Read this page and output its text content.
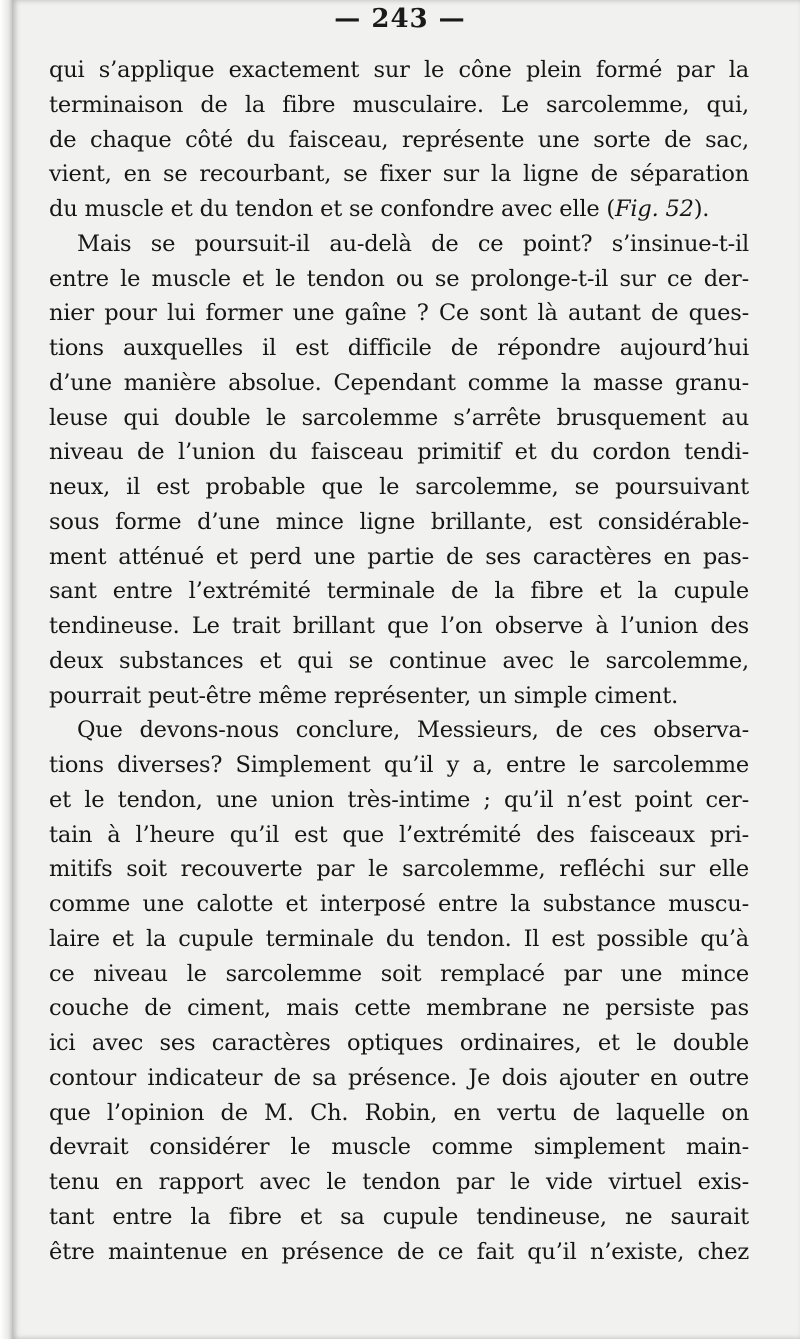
— 243 —
qui s’applique exactement sur le cône plein formé par la
terminaison de la fibre musculaire. Le sarcolemme, qui,
de chaque côté du faisceau, représente une sorte de sac,
vient, en se recourbant, se fixer sur la ligne de séparation
du muscle et du tendon et se confondre avec elle (Fig. 52).
Mais se poursuit-il au-delà de ce point? s’insinue-t-il
entre le muscle et le tendon ou se prolonge-t-il sur ce der-
nier pour lui former une gaîne ? Ce sont là autant de ques-
tions auxquelles il est difficile de répondre aujourd’hui
d’une manière absolue. Cependant comme la masse granu-
leuse qui double le sarcolemme s’arrête brusquement au
niveau de l’union du faisceau primitif et du cordon tendi-
neux, il est probable que le sarcolemme, se poursuivant
sous forme d’une mince ligne brillante, est considérable-
ment atténué et perd une partie de ses caractères en pas-
sant entre l’extrémité terminale de la fibre et la cupule
tendineuse. Le trait brillant que l’on observe à l’union des
deux substances et qui se continue avec le sarcolemme,
pourrait peut-être même représenter, un simple ciment.
Que devons-nous conclure, Messieurs, de ces observa-
tions diverses? Simplement qu’il y a, entre le sarcolemme
et le tendon, une union très-intime ; qu’il n’est point cer-
tain à l’heure qu’il est que l’extrémité des faisceaux pri-
mitifs soit recouverte par le sarcolemme, refléchi sur elle
comme une calotte et interposé entre la substance muscu-
laire et la cupule terminale du tendon. Il est possible qu’à
ce niveau le sarcolemme soit remplacé par une mince
couche de ciment, mais cette membrane ne persiste pas
ici avec ses caractères optiques ordinaires, et le double
contour indicateur de sa présence. Je dois ajouter en outre
que l’opinion de M. Ch. Robin, en vertu de laquelle on
devrait considérer le muscle comme simplement main-
tenu en rapport avec le tendon par le vide virtuel exis-
tant entre la fibre et sa cupule tendineuse, ne saurait
être maintenue en présence de ce fait qu’il n’existe, chez
